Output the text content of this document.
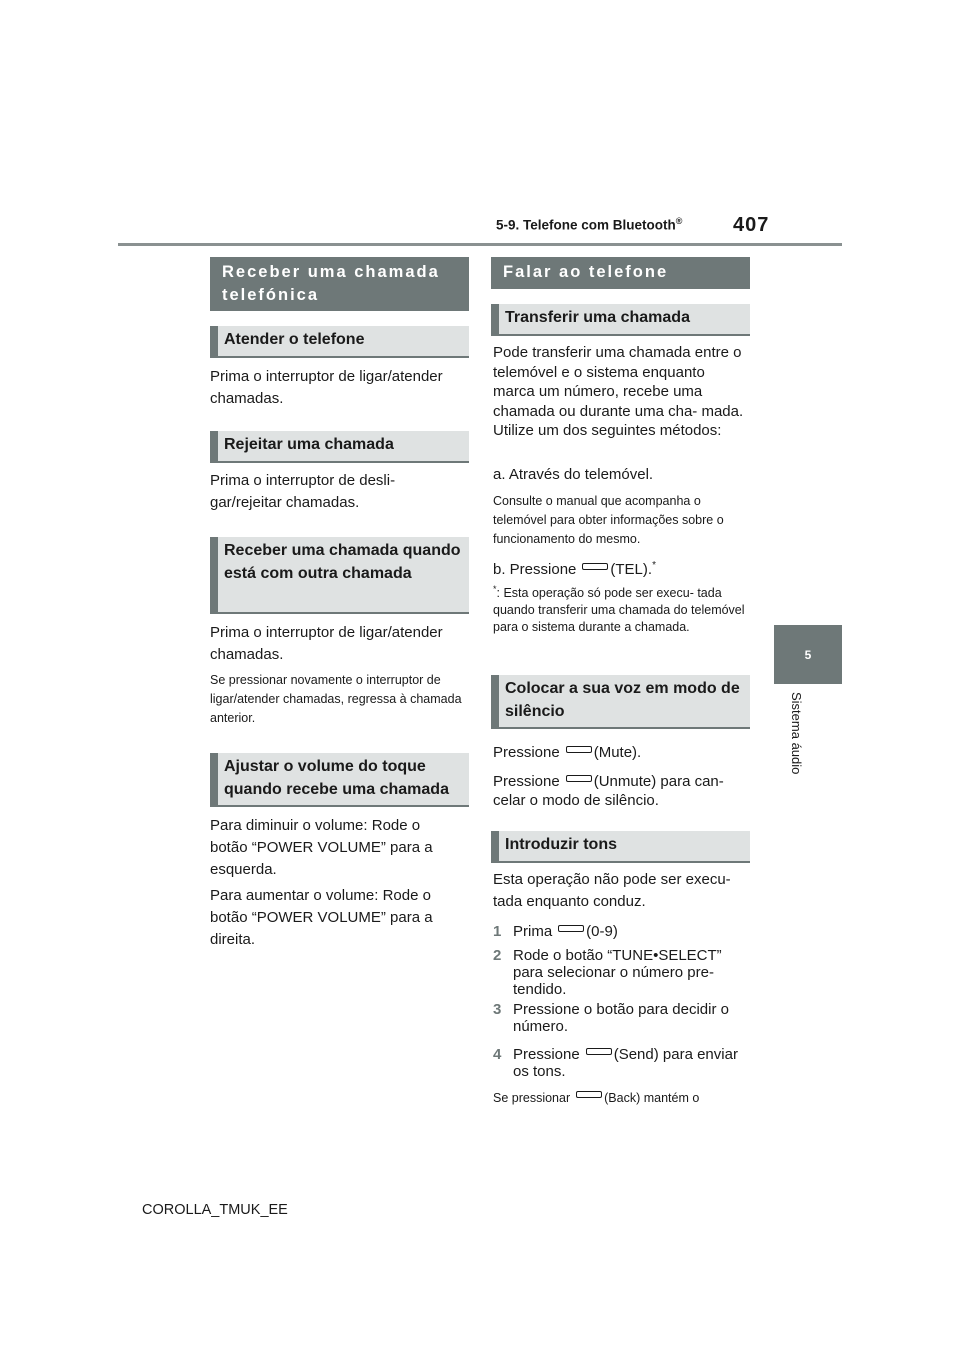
5-9. Telefone com Bluetooth®	407
5
Sistema áudio
Receber uma chamada telefónica
Atender o telefone
Prima o interruptor de ligar/atender chamadas.
Rejeitar uma chamada
Prima o interruptor de desli- gar/rejeitar chamadas.
Receber uma chamada quando está com outra chamada
Prima o interruptor de ligar/atender chamadas.
Se pressionar novamente o interruptor de ligar/atender chamadas, regressa à chamada anterior.
Ajustar o volume do toque quando recebe uma chamada
Para diminuir o volume: Rode o botão “POWER VOLUME” para a esquerda.
Para aumentar o volume: Rode o botão “POWER VOLUME” para a direita.
Falar ao telefone
Transferir uma chamada
Pode transferir uma chamada entre o telemóvel e o sistema enquanto marca um número, recebe uma chamada ou durante uma cha- mada. Utilize um dos seguintes métodos:
a. Através do telemóvel.
Consulte o manual que acompanha o telemóvel para obter informações sobre o funcionamento do mesmo.
b. Pressione (TEL).*
*: Esta operação só pode ser execu- tada quando transferir uma chamada do telemóvel para o sistema durante a chamada.
Colocar a sua voz em modo de silêncio
Pressione (Mute).
Pressione (Unmute) para can- celar o modo de silêncio.
Introduzir tons
Esta operação não pode ser execu- tada enquanto conduz.
1 Prima (0-9)
2 Rode o botão “TUNE•SELECT” para selecionar o número pre- tendido.
3 Pressione o botão para decidir o número.
4 Pressione (Send) para enviar os tons.
Se pressionar	(Back) mantém o
COROLLA_TMUK_EE
